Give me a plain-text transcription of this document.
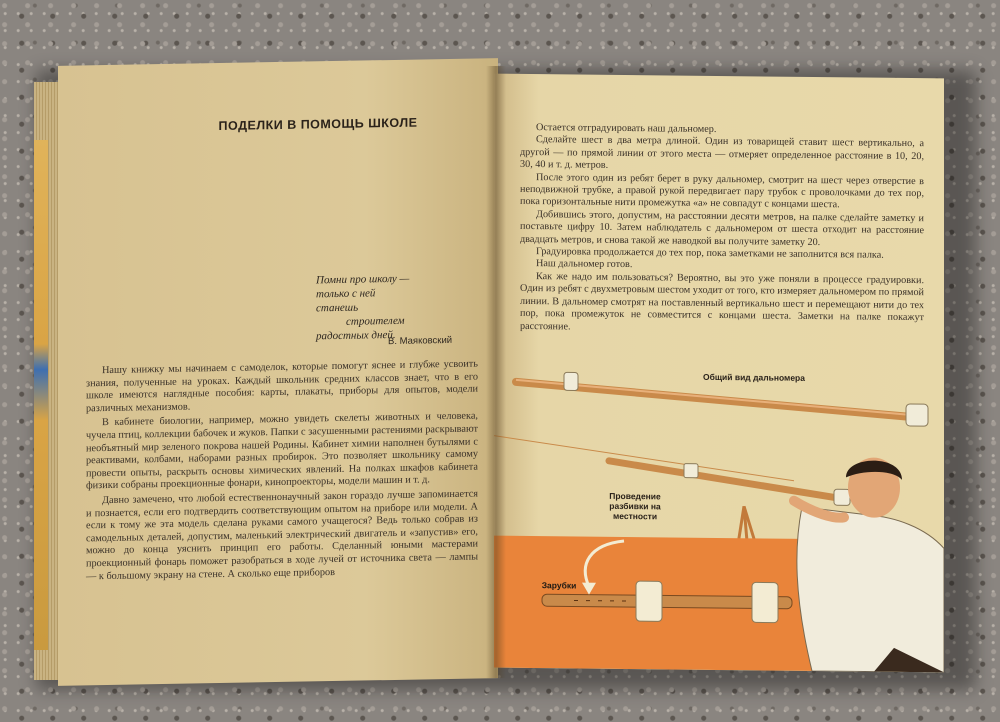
ПОДЕЛКИ В ПОМОЩЬ ШКОЛЕ
Помни про школу —
только с ней
станешь
строителем
радостных дней.
В. Маяковский

Нашу книжку мы начинаем с самоделок, которые помогут яснее и глубже усвоить знания, полученные на уроках. Каждый школьник средних классов знает, что в его школе имеются наглядные пособия: карты, плакаты, приборы для опытов, модели различных механизмов.

В кабинете биологии, например, можно увидеть скелеты животных и человека, чучела птиц, коллекции бабочек и жуков. Папки с засушенными растениями раскрывают необъятный мир зеленого покрова нашей Родины. Кабинет химии наполнен бутылями с реактивами, колбами, наборами разных пробирок. Это позволяет школьнику самому провести опыты, раскрыть основы химических явлений. На полках шкафов кабинета физики собраны проекционные фонари, кинопроекторы, модели машин и т. д.

Давно замечено, что любой естественнонаучный закон гораздо лучше запоминается и познается, если его подтвердить соответствующим опытом на приборе или модели. А если к тому же эта модель сделана руками самого учащегося? Ведь только собрав из самодельных деталей, допустим, маленький электрический двигатель и «запустив» его, можно до конца уяснить принцип его работы. Сделанный юными мастерами проекционный фонарь поможет разобраться в ходе лучей от источника света — лампы — к большому экрану на стене. А сколько еще приборов

Остается отградуировать наш дальномер.

Сделайте шест в два метра длиной. Один из товарищей ставит шест вертикально, а другой — по прямой линии от этого места — отмеряет определенное расстояние в 10, 20, 30, 40 и т. д. метров.

После этого один из ребят берет в руку дальномер, смотрит на шест через отверстие в неподвижной трубке, а правой рукой передвигает пару трубок с проволочками до тех пор, пока горизонтальные нити промежутка «а» не совпадут с концами шеста.

Добившись этого, допустим, на расстоянии десяти метров, на палке сделайте заметку и поставьте цифру 10. Затем наблюдатель с дальномером от шеста отходит на расстояние двадцать метров, и снова такой же наводкой вы получите заметку 20.

Градуировка продолжается до тех пор, пока заметками не заполнится вся палка.

Наш дальномер готов.

Как же надо им пользоваться? Вероятно, вы это уже поняли в процессе градуировки. Один из ребят с двухметровым шестом уходит от того, кто измеряет дальномером по прямой линии. В дальномер смотрят на поставленный вертикально шест и перемещают нити до тех пор, пока промежуток не совместится с концами шеста. Заметки на палке покажут расстояние.

Общий вид дальномера
Проведение разбивки на местности
Зарубки
